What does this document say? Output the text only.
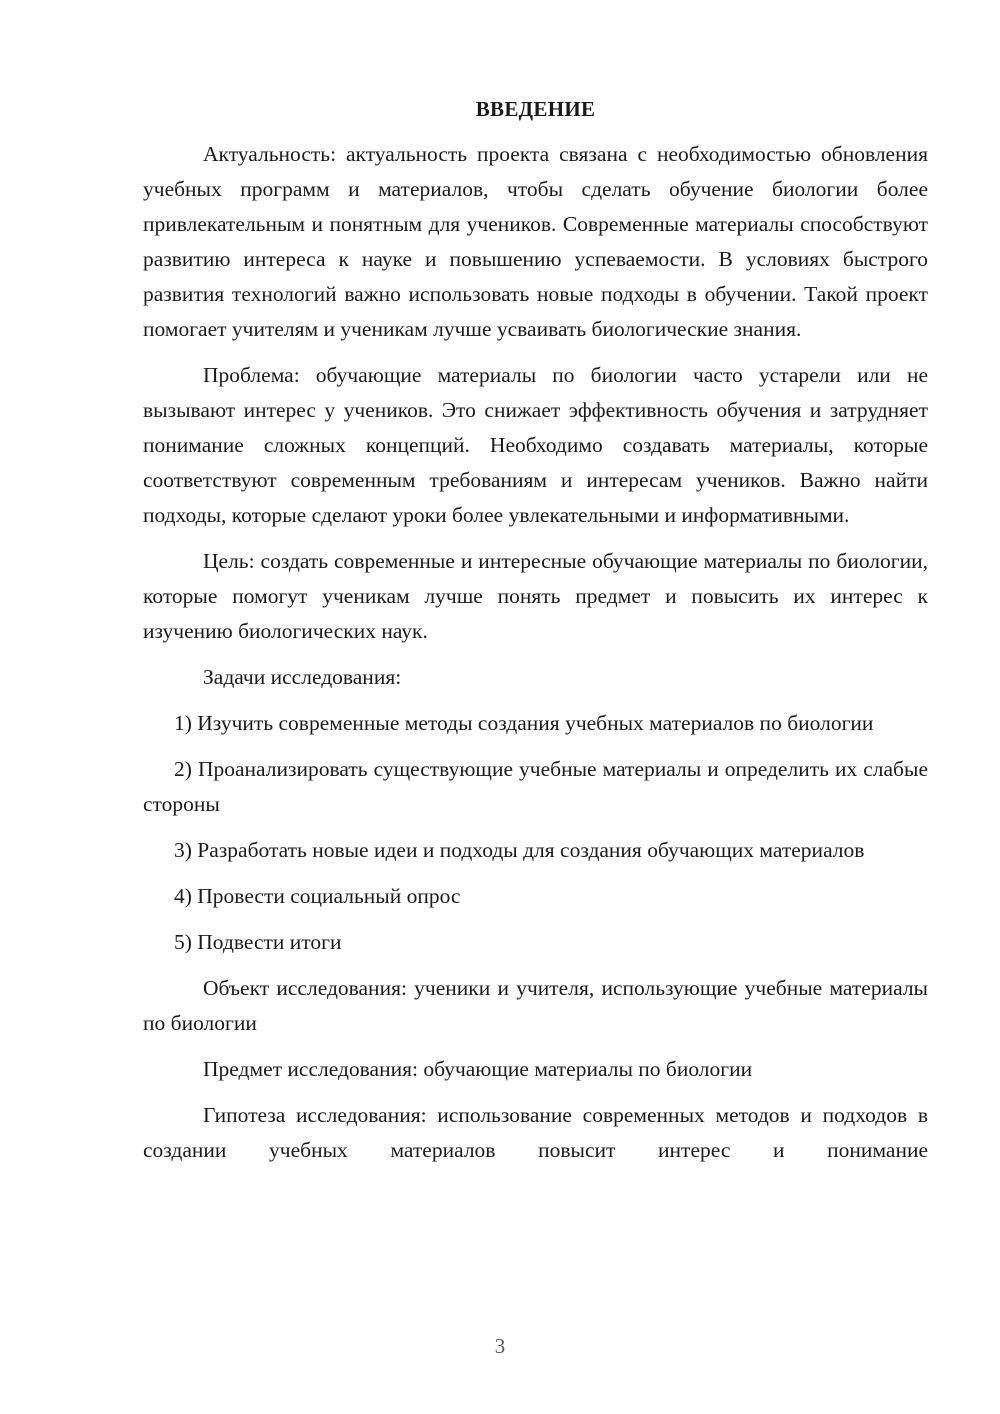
ВВЕДЕНИЕ

Актуальность: актуальность проекта связана с необходимостью обновления учебных программ и материалов, чтобы сделать обучение биологии более привлекательным и понятным для учеников. Современные материалы способствуют развитию интереса к науке и повышению успеваемости. В условиях быстрого развития технологий важно использовать новые подходы в обучении. Такой проект помогает учителям и ученикам лучше усваивать биологические знания.

Проблема: обучающие материалы по биологии часто устарели или не вызывают интерес у учеников. Это снижает эффективность обучения и затрудняет понимание сложных концепций. Необходимо создавать материалы, которые соответствуют современным требованиям и интересам учеников. Важно найти подходы, которые сделают уроки более увлекательными и информативными.

Цель: создать современные и интересные обучающие материалы по биологии, которые помогут ученикам лучше понять предмет и повысить их интерес к изучению биологических наук.

Задачи исследования:

1) Изучить современные методы создания учебных материалов по биологии

2) Проанализировать существующие учебные материалы и определить их слабые стороны

3) Разработать новые идеи и подходы для создания обучающих материалов

4) Провести социальный опрос

5) Подвести итоги

Объект исследования: ученики и учителя, использующие учебные материалы по биологии

Предмет исследования: обучающие материалы по биологии

Гипотеза исследования: использование современных методов и подходов в создании учебных материалов повысит интерес и понимание

3
